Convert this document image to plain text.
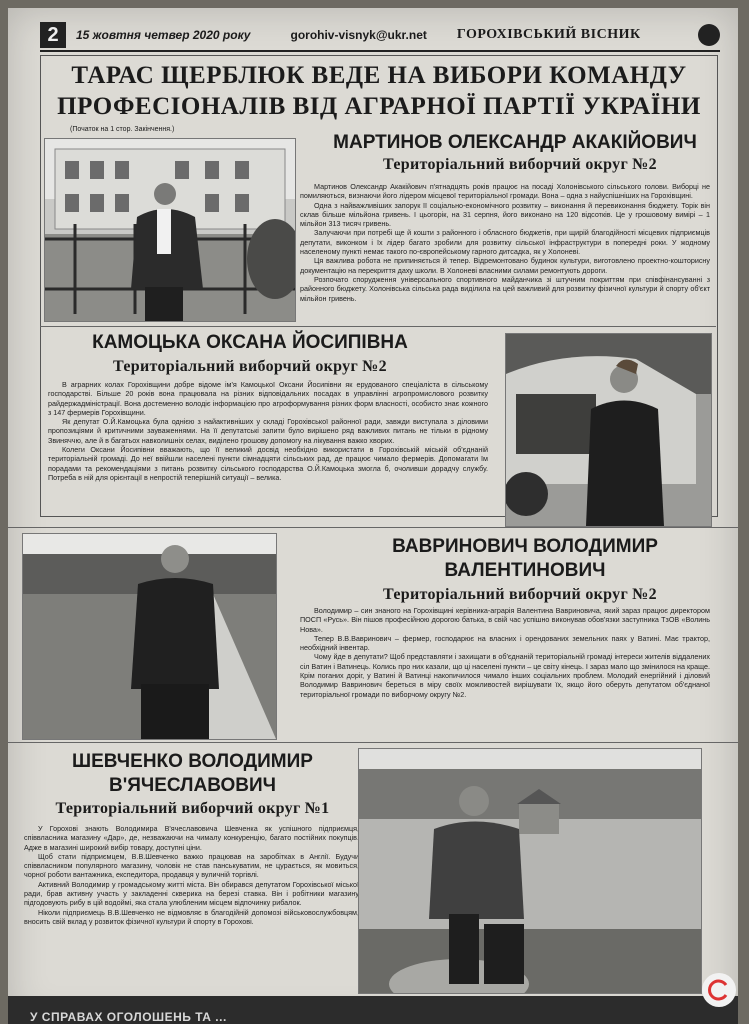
2	15 жовтня четвер 2020 року	gorohiv-visnyk@ukr.net ГОРОХІВСЬКИЙ ВІСНИК
ТАРАС ЩЕРБЛЮК ВЕДЕ НА ВИБОРИ КОМАНДУ
ПРОФЕСІОНАЛІВ ВІД АГРАРНОЇ ПАРТІЇ УКРАЇНИ
(Початок на 1 стор. Закінчення.)
МАРТИНОВ ОЛЕКСАНДР АКАКІЙОВИЧ
Територіальний виборчий округ №2

Мартинов Олександр Акакійович п'ятнадцять років працює на посаді Холонівського сільського голови. Виборці не помиляються, визнаючи його лідером місцевої територіальної громади. Вона – одна з найуспішніших на Горохівщині.

Одна з найважливіших запорук її соціально-економічного розвитку – виконання й перевиконання бюджету. Торік він склав більше мільйона гривень. І цьогорік, на 31 серпня, його виконано на 120 відсотків. Це у грошовому вимірі – 1 мільйон 313 тисяч гривень.

Залучаючи при потребі ще й кошти з районного і обласного бюджетів, при щирій благодійності місцевих підприємців депутати, виконком і їх лідер багато зробили для розвитку сільської інфраструктури в попередні роки. У жодному населеному пункті немає такого по-європейському гарного дитсадка, як у Холоневі.

Ця важлива робота не припиняється й тепер. Відремонтовано будинок культури, виготовлено проектно-кошторисну документацію на перекриття даху школи. В Холоневі власними силами ремонтують дороги.

Розпочато спорудження універсального спортивного майданчика зі штучним покриттям при співфінансуванні з районного бюджету. Холонівська сільська рада виділила на цей важливий для розвитку фізичної культури й спорту об'єкт мільйон гривень.

КАМОЦЬКА ОКСАНА ЙОСИПІВНА
Територіальний виборчий округ №2

В аграрних колах Горохівщини добре відоме ім'я Камоцької Оксани Йосипівни як ерудованого спеціаліста в сільському господарстві. Більше 20 років вона працювала на різних відповідальних посадах в управлінні агропромислового розвитку райдержадміністрації. Вона достеменно володіє інформацією про агроформування різних форм власності, особисто знає кожного з 147 фермерів Горохівщини.

Як депутат О.Й.Камоцька була однією з найактивніших у складі Горохівської районної ради, завжди виступала з діловими пропозиціями й критичними зауваженнями. На її депутатські запити було вирішено ряд важливих питань не тільки в рідному Звиняччю, але й в багатьох навколишніх селах, виділено грошову допомогу на лікування важко хворих.

Колеги Оксани Йосипівни вважають, що її великий досвід необхідно використати в Горохівській міській об'єднаній територіальній громаді. До неї ввійшли населені пункти сімнадцяти сільських рад, де працює чимало фермерів. Допомагати їм порадами та рекомендаціями з питань розвитку сільського господарства О.Й.Камоцька змогла б, очоливши дорадчу службу. Потреба в ній для орієнтації в непростій теперішній ситуації – велика.

ВАВРИНОВИЧ ВОЛОДИМИР
ВАЛЕНТИНОВИЧ
Територіальний виборчий округ №2

Володимир – син знаного на Горохівщині керівника-аграрія Валентина Вавриновича, який зараз працює директором ПОСП «Русь». Він пішов професійною дорогою батька, в свій час успішно виконував обов'язки заступника ТзОВ «Волинь Нова».

Тепер В.В.Вавринович – фермер, господарює на власних і орендованих земельних паях у Ватині. Має трактор, необхідний інвентар.

Чому йде в депутати? Щоб представляти і захищати в об'єднаній територіальній громаді інтереси жителів віддалених сіл Ватин і Ватинець. Колись про них казали, що ці населені пункти – це світу кінець. І зараз мало що змінилося на краще. Крім поганих доріг, у Ватині й Ватинці накопичилося чимало інших соціальних проблем. Молодий енергійний і діловий Володимир Вавринович береться в міру своїх можливостей вирішувати їх, якщо його оберуть депутатом об'єднаної територіальної громади по виборчому округу №2.

ШЕВЧЕНКО ВОЛОДИМИР
В'ЯЧЕСЛАВОВИЧ
Територіальний виборчий округ №1

У Горохові знають Володимира В'ячеславовича Шевченка як успішного підприємця, співвласника магазину «Дар», де, незважаючи на чималу конкуренцію, багато постійних покупців. Адже в магазині широкий вибір товару, доступні ціни.

Щоб стати підприємцем, В.В.Шевченко важко працював на заробітках в Англії. Будучи співвласником популярного магазину, чоловік не став панськуватим, не цурається, як мовиться, чорної роботи вантажника, експедитора, продавця у вуличній торгівлі.

Активний Володимир у громадському житті міста. Він обирався депутатом Горохівської міської ради, брав активну участь у закладенні скверика на березі ставка. Він і робітники магазину підгодовують рибу в цій водоймі, яка стала улюбленим місцем відпочинку рибалок.

Ніколи підприємець В.В.Шевченко не відмовляє в благодійній допомозі військовослужбовцям, вносить свій вклад у розвиток фізичної культури й спорту в Горохові.

У СПРАВАХ ОГОЛОШЕНЬ ТА ...
